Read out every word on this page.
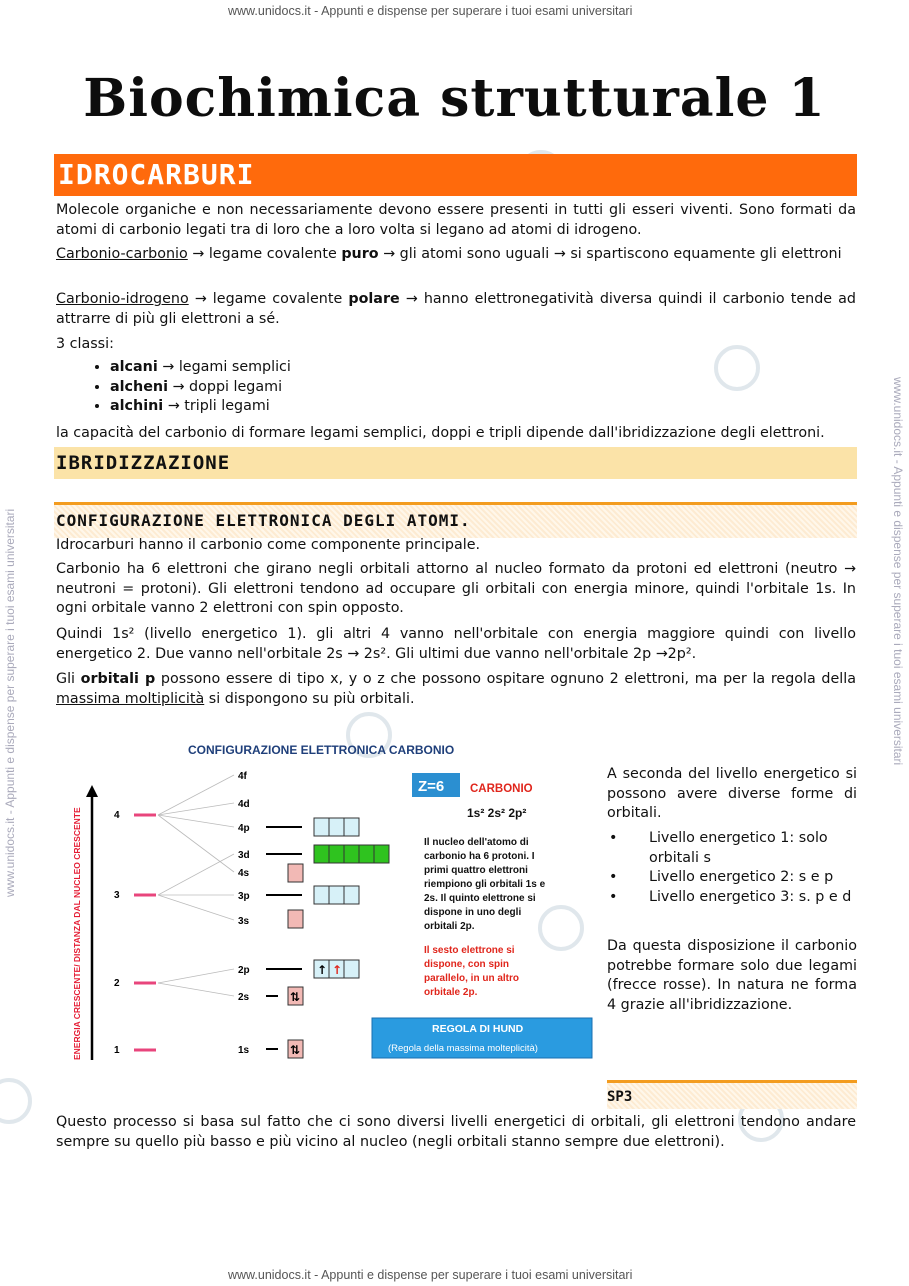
www.unidocs.it - Appunti e dispense per superare i tuoi esami universitari
www.unidocs.it - Appunti e dispense per superare i tuoi esami universitari
www.unidocs.it - Appunti e dispense per superare i tuoi esami universitari	www.unidocs.it - Appunti e dispense per superare i tuoi esami universitari
Biochimica strutturale 1
IDROCARBURI
Molecole organiche e non necessariamente devono essere presenti in tutti gli esseri viventi. Sono formati da atomi di carbonio legati tra di loro che a loro volta si legano ad atomi di idrogeno.
Carbonio-carbonio → legame covalente puro → gli atomi sono uguali → si spartiscono equamente gli elettroni
Carbonio-idrogeno → legame covalente polare → hanno elettronegatività diversa quindi il carbonio tende ad attrarre di più gli elettroni a sé.
3 classi:
• alcani → legami semplici
• alcheni → doppi legami
• alchini → tripli legami
la capacità del carbonio di formare legami semplici, doppi e tripli dipende dall'ibridizzazione degli elettroni.
IBRIDIZZAZIONE
CONFIGURAZIONE ELETTRONICA DEGLI ATOMI.
Idrocarburi hanno il carbonio come componente principale.
Carbonio ha 6 elettroni che girano negli orbitali attorno al nucleo formato da protoni ed elettroni (neutro → neutroni = protoni). Gli elettroni tendono ad occupare gli orbitali con energia minore, quindi l'orbitale 1s. In ogni orbitale vanno 2 elettroni con spin opposto.
Quindi 1s² (livello energetico 1). gli altri 4 vanno nell'orbitale con energia maggiore quindi con livello energetico 2. Due vanno nell'orbitale 2s → 2s². Gli ultimi due vanno nell'orbitale 2p →2p².
Gli orbitali p possono essere di tipo x, y o z che possono ospitare ognuno 2 elettroni, ma per la regola della massima moltiplicità si dispongono su più orbitali.
CONFIGURAZIONE ELETTRONICA CARBONIO
ENERGIA CRESCENTE/ DISTANZA DAL NUCLEO CRESCENTE	4
3
2
1
4f
4d
4p
3d
4s
3p
3s
2p
2s
1s
↑ ↑
⇅
⇅
Z=6 CARBONIO
1s² 2s² 2p²
Il nucleo dell'atomo di
carbonio ha 6 protoni. I
primi quattro elettroni
riempiono gli orbitali 1s e
2s. Il quinto elettrone si
dispone in uno degli
orbitali 2p.
Il sesto elettrone si
dispone, con spin
parallelo, in un altro
orbitale 2p.
REGOLA DI HUND
(Regola della massima molteplicità)
A seconda del livello energetico si possono avere diverse forme di orbitali.
• Livello energetico 1: solo orbitali s
• Livello energetico 2: s e p
• Livello energetico 3: s. p e d
Da questa disposizione il carbonio potrebbe formare solo due legami (frecce rosse). In natura ne forma 4 grazie all'ibridizzazione.
SP3
Questo processo si basa sul fatto che ci sono diversi livelli energetici di orbitali, gli elettroni tendono andare sempre su quello più basso e più vicino al nucleo (negli orbitali stanno sempre due elettroni).
